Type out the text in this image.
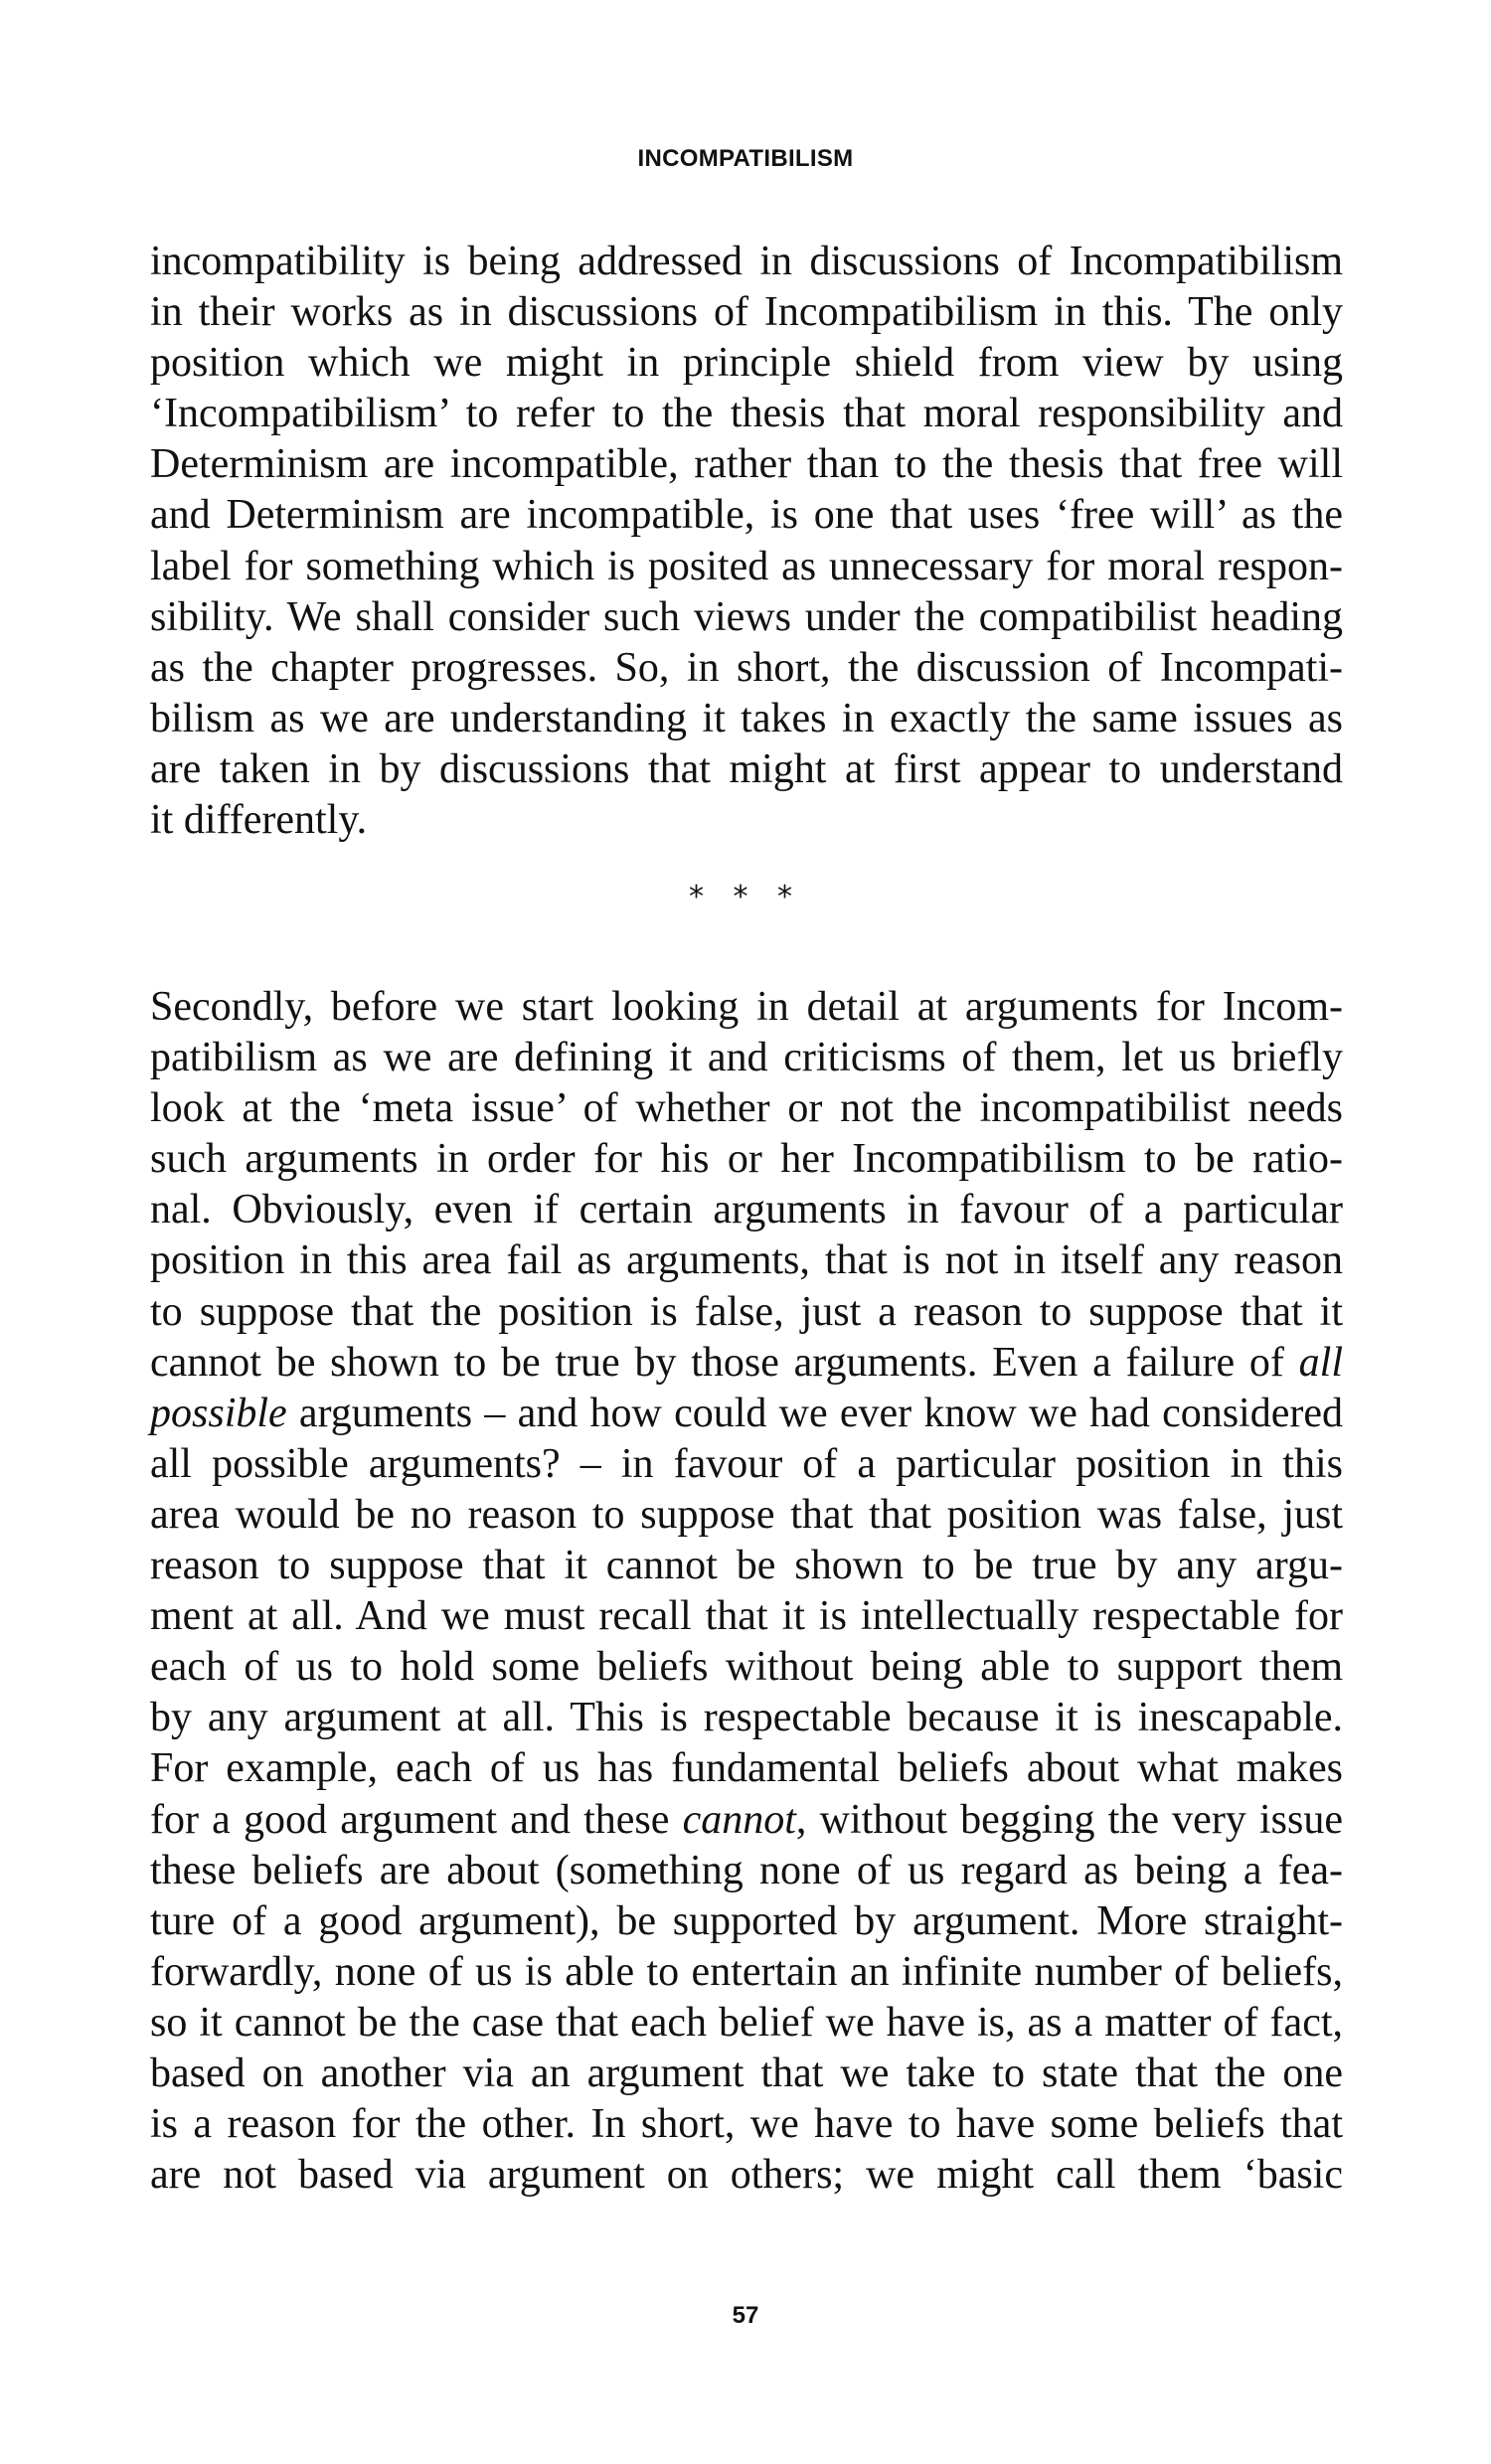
INCOMPATIBILISM
incompatibility is being addressed in discussions of Incompatibilism
in their works as in discussions of Incompatibilism in this. The only
position which we might in principle shield from view by using
‘Incompatibilism’ to refer to the thesis that moral responsibility and
Determinism are incompatible, rather than to the thesis that free will
and Determinism are incompatible, is one that uses ‘free will’ as the
label for something which is posited as unnecessary for moral respon-
sibility. We shall consider such views under the compatibilist heading
as the chapter progresses. So, in short, the discussion of Incompati-
bilism as we are understanding it takes in exactly the same issues as
are taken in by discussions that might at first appear to understand
it differently.
* * *
Secondly, before we start looking in detail at arguments for Incom-
patibilism as we are defining it and criticisms of them, let us briefly
look at the ‘meta issue’ of whether or not the incompatibilist needs
such arguments in order for his or her Incompatibilism to be ratio-
nal. Obviously, even if certain arguments in favour of a particular
position in this area fail as arguments, that is not in itself any reason
to suppose that the position is false, just a reason to suppose that it
cannot be shown to be true by those arguments. Even a failure of all
possible arguments – and how could we ever know we had considered
all possible arguments? – in favour of a particular position in this
area would be no reason to suppose that that position was false, just
reason to suppose that it cannot be shown to be true by any argu-
ment at all. And we must recall that it is intellectually respectable for
each of us to hold some beliefs without being able to support them
by any argument at all. This is respectable because it is inescapable.
For example, each of us has fundamental beliefs about what makes
for a good argument and these cannot, without begging the very issue
these beliefs are about (something none of us regard as being a fea-
ture of a good argument), be supported by argument. More straight-
forwardly, none of us is able to entertain an infinite number of beliefs,
so it cannot be the case that each belief we have is, as a matter of fact,
based on another via an argument that we take to state that the one
is a reason for the other. In short, we have to have some beliefs that
are not based via argument on others; we might call them ‘basic
57
